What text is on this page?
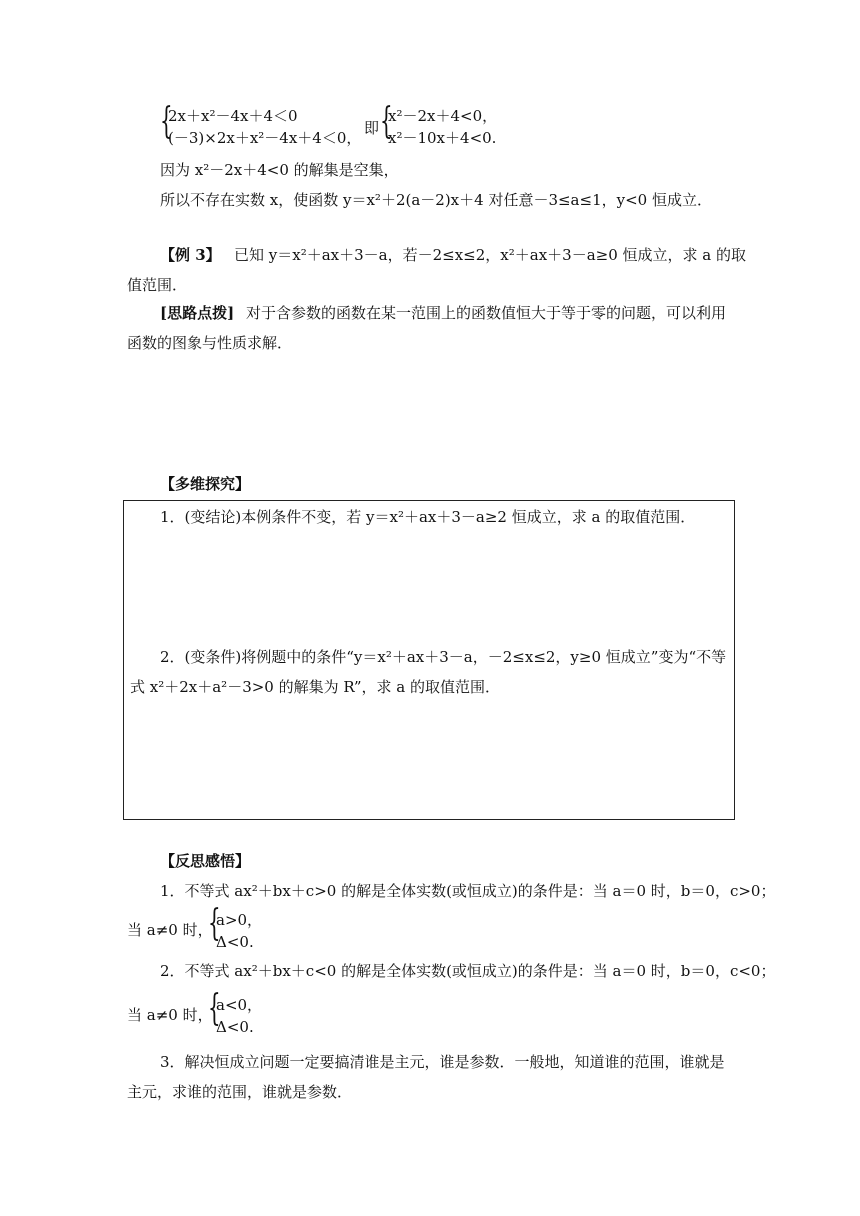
{
2x＋x²－4x＋4＜0
(－3)×2x＋x²－4x＋4＜0，
即 {
x²－2x＋4<0，
x²－10x＋4<0.
因为 x²－2x＋4<0 的解集是空集，
所以不存在实数 x，使函数 y＝x²＋2(a－2)x＋4 对任意－3≤a≤1，y<0 恒成立．
【例 3】 已知 y＝x²＋ax＋3－a，若－2≤x≤2，x²＋ax＋3－a≥0 恒成立，求 a 的取
值范围．
[思路点拨] 对于含参数的函数在某一范围上的函数值恒大于等于零的问题，可以利用
函数的图象与性质求解．
【多维探究】
1．(变结论)本例条件不变，若 y＝x²＋ax＋3－a≥2 恒成立，求 a 的取值范围．
2．(变条件)将例题中的条件“y＝x²＋ax＋3－a，－2≤x≤2，y≥0 恒成立”变为“不等
式 x²＋2x＋a²－3>0 的解集为 R”，求 a 的取值范围．
【反思感悟】
1．不等式 ax²＋bx＋c>0 的解是全体实数(或恒成立)的条件是：当 a＝0 时，b＝0，c>0；
当 a≠0 时，
{
a>0，
Δ<0.
2．不等式 ax²＋bx＋c<0 的解是全体实数(或恒成立)的条件是：当 a＝0 时，b＝0，c<0；
当 a≠0 时，
{
a<0，
Δ<0.
3．解决恒成立问题一定要搞清谁是主元，谁是参数．一般地，知道谁的范围，谁就是
主元，求谁的范围，谁就是参数．
